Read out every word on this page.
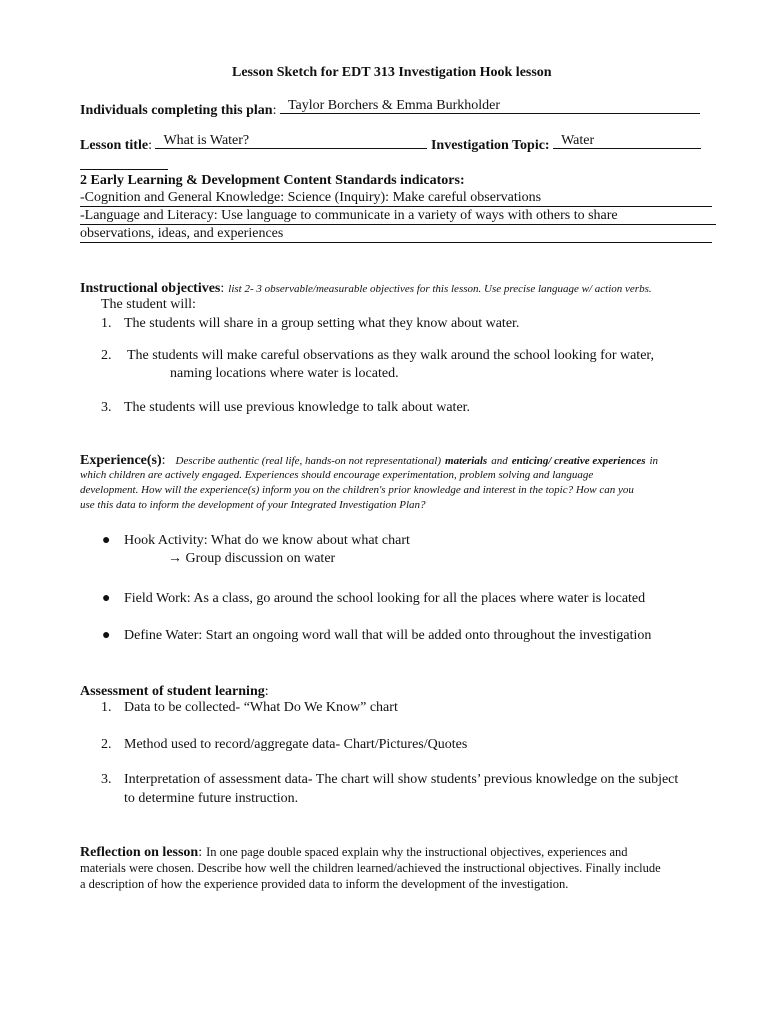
Lesson Sketch for EDT 313 Investigation Hook lesson
Individuals completing this plan: Taylor Borchers & Emma Burkholder
Lesson title: What is Water?	Investigation Topic: Water
2 Early Learning & Development Content Standards indicators:
-Cognition and General Knowledge: Science (Inquiry): Make careful observations
-Language and Literacy: Use language to communicate in a variety of ways with others to share
observations, ideas, and experiences
Instructional objectives: list 2- 3 observable/measurable objectives for this lesson. Use precise language w/ action verbs.
The student will:
1. The students will share in a group setting what they know about water.
2. The students will make careful observations as they walk around the school looking for water,
naming locations where water is located.
3. The students will use previous knowledge to talk about water.
Experience(s): Describe authentic (real life, hands-on not representational) materials and enticing/ creative experiences in
which children are actively engaged. Experiences should encourage experimentation, problem solving and language
development. How will the experience(s) inform you on the children's prior knowledge and interest in the topic? How can you
use this data to inform the development of your Integrated Investigation Plan?
● Hook Activity: What do we know about what chart
→ Group discussion on water
● Field Work: As a class, go around the school looking for all the places where water is located
● Define Water: Start an ongoing word wall that will be added onto throughout the investigation
Assessment of student learning:
1. Data to be collected- “What Do We Know” chart
2. Method used to record/aggregate data- Chart/Pictures/Quotes
3. Interpretation of assessment data- The chart will show students’ previous knowledge on the subject
to determine future instruction.
Reflection on lesson: In one page double spaced explain why the instructional objectives, experiences and
materials were chosen. Describe how well the children learned/achieved the instructional objectives. Finally include
a description of how the experience provided data to inform the development of the investigation.
